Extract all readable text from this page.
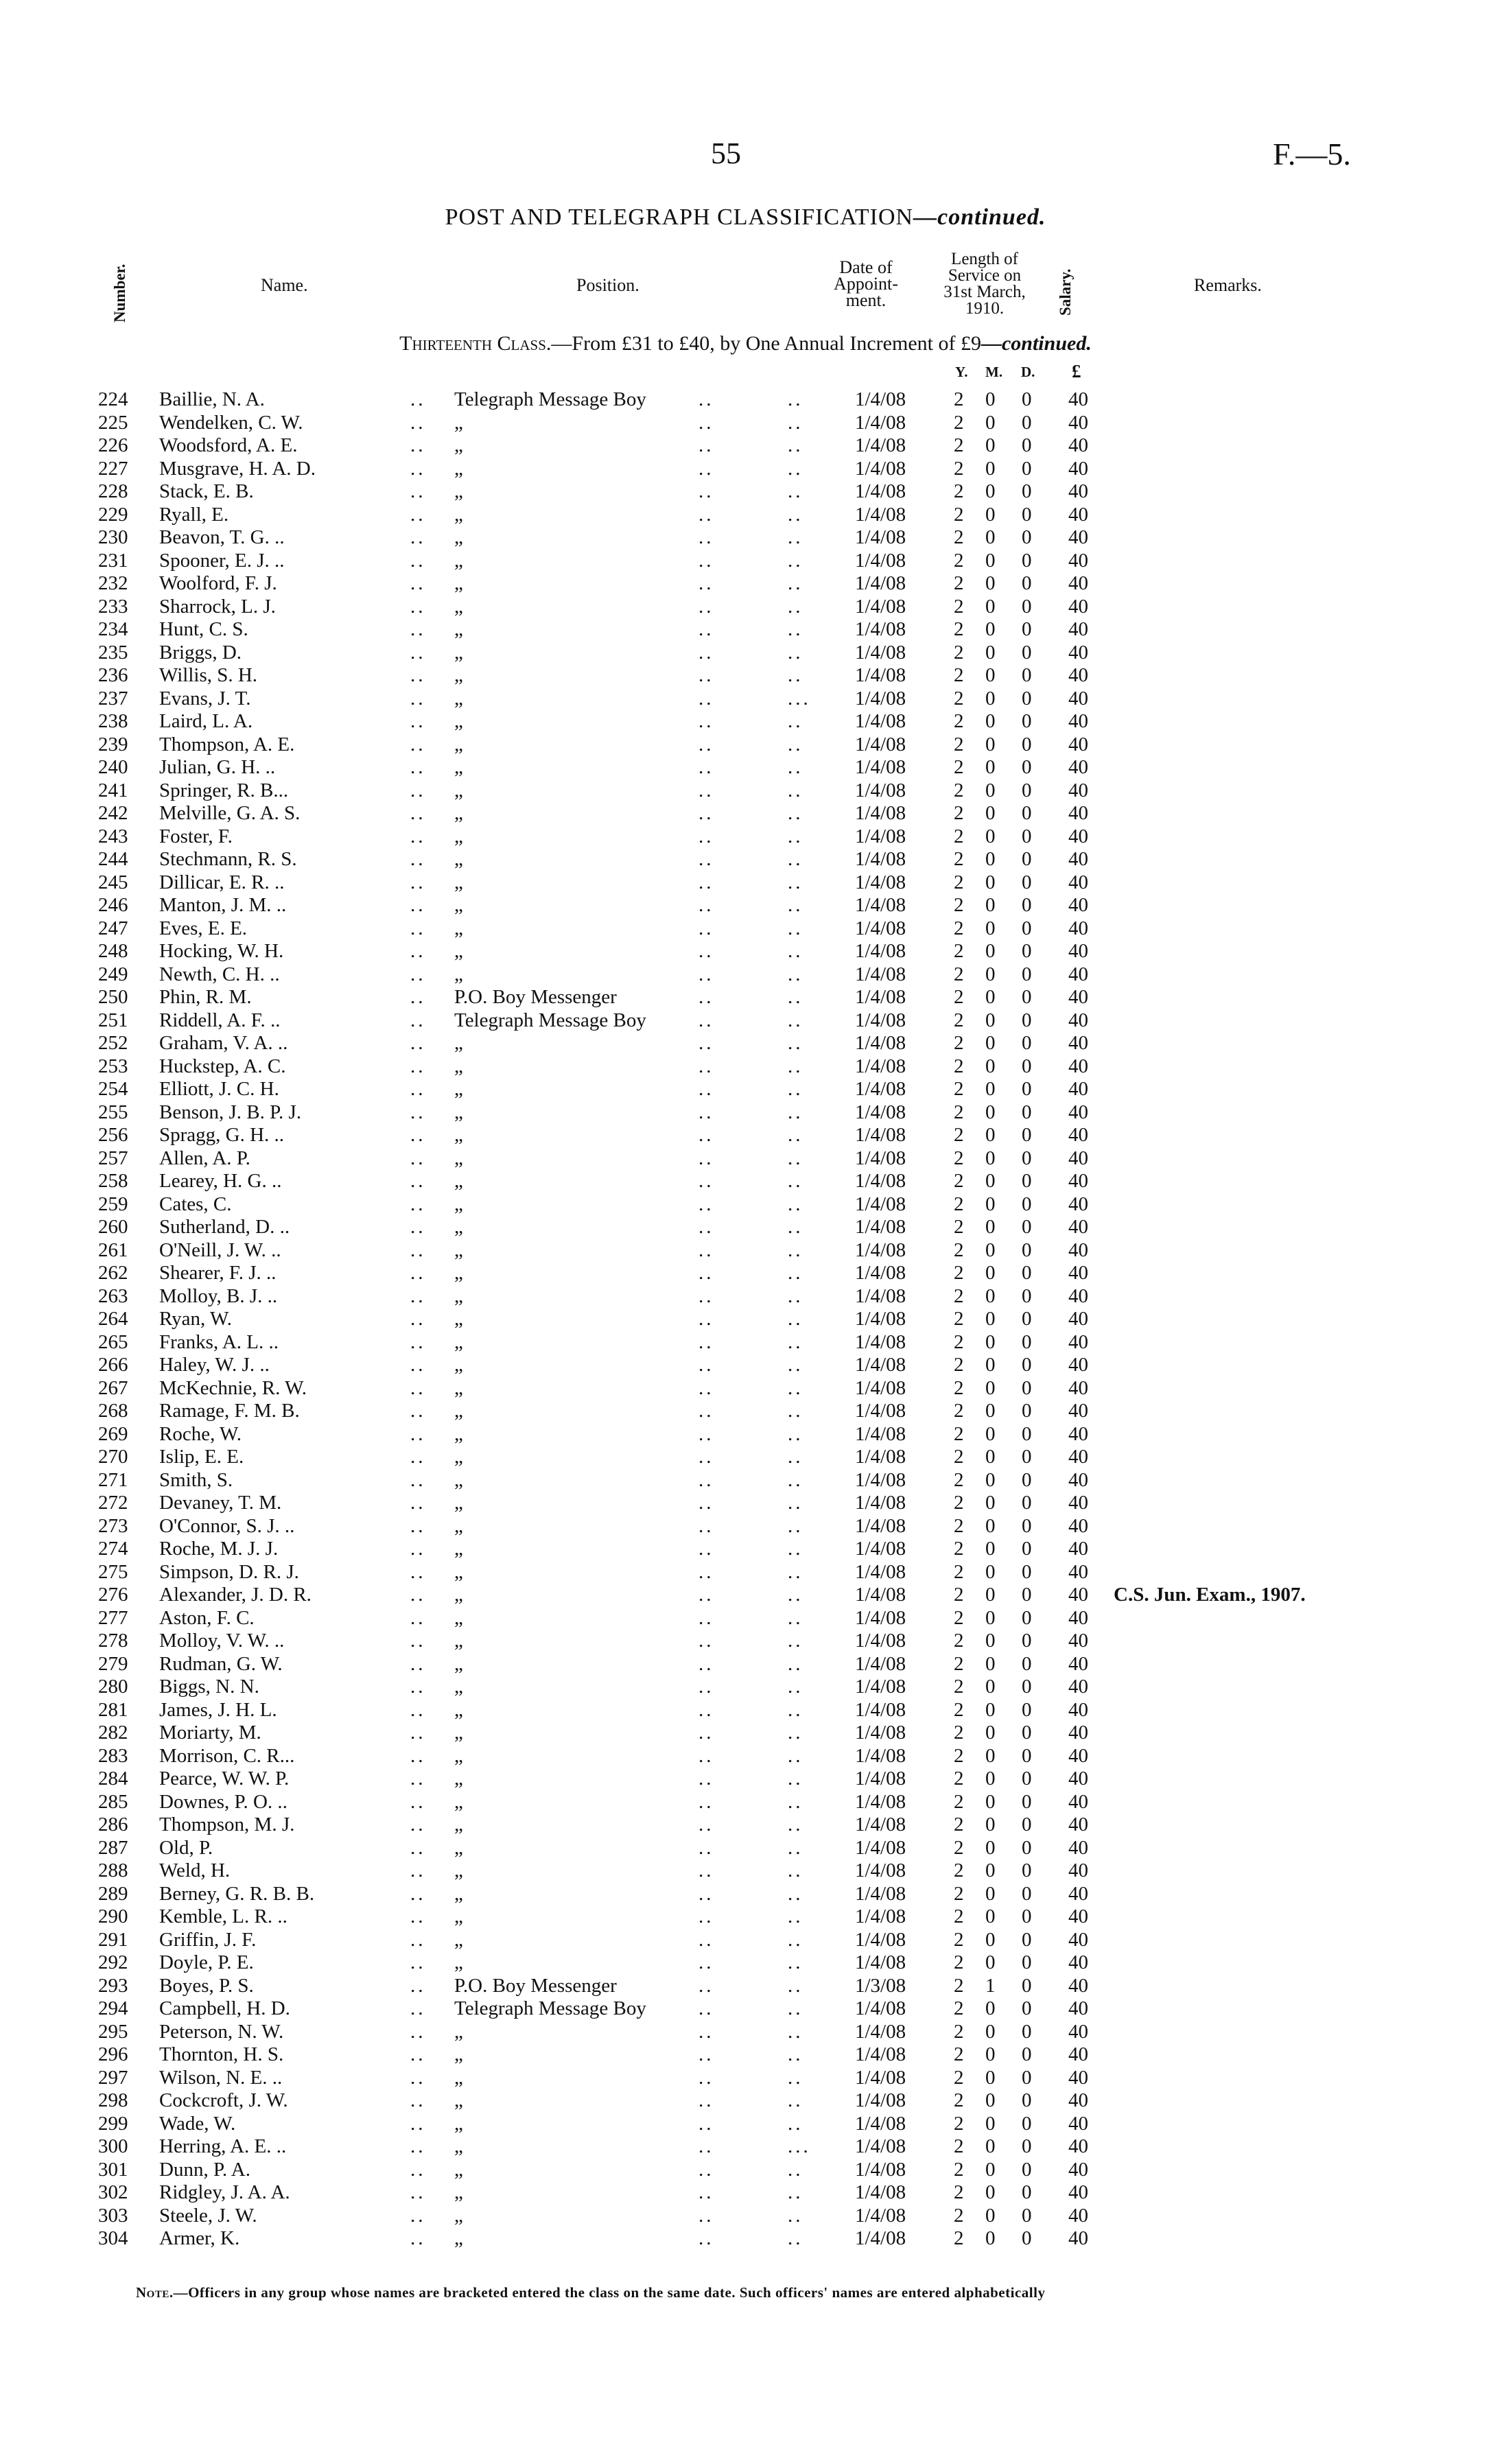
55	F.—5.
POST AND TELEGRAPH CLASSIFICATION—continued.
Number.	Name.	Position.
Date of
Appoint-
ment.
Length of
Service on
31st March,
1910.	Salary.	Remarks.
Thirteenth Class.—From £31 to £40, by One Annual Increment of £9—continued.
Y. M. D. £
224 Baillie, N. A.	.. Telegraph Message Boy	..	..	1/4/08 2 0 0 40
225 Wendelken, C. W.	.. „	..	..	1/4/08 2 0 0 40
226 Woodsford, A. E.	.. „	..	..	1/4/08 2 0 0 40
227 Musgrave, H. A. D.	.. „	..	..	1/4/08 2 0 0 40
228 Stack, E. B.	.. „	..	..	1/4/08 2 0 0 40
229 Ryall, E.	.. „	..	..	1/4/08 2 0 0 40
230 Beavon, T. G. ..	.. „	..	..	1/4/08 2 0 0 40
231 Spooner, E. J. ..	.. „	..	..	1/4/08 2 0 0 40
232 Woolford, F. J.	.. „	..	..	1/4/08 2 0 0 40
233 Sharrock, L. J.	.. „	..	..	1/4/08 2 0 0 40
234 Hunt, C. S.	.. „	..	..	1/4/08 2 0 0 40
235 Briggs, D.	.. „	..	..	1/4/08 2 0 0 40
236 Willis, S. H.	.. „	..	..	1/4/08 2 0 0 40
237 Evans, J. T.	.. „	..	... 1/4/08 2 0 0 40
238 Laird, L. A.	.. „	..	..	1/4/08 2 0 0 40
239 Thompson, A. E.	.. „	..	..	1/4/08 2 0 0 40
240 Julian, G. H. ..	.. „	..	..	1/4/08 2 0 0 40
241 Springer, R. B...	.. „	..	..	1/4/08 2 0 0 40
242 Melville, G. A. S.	.. „	..	..	1/4/08 2 0 0 40
243 Foster, F.	.. „	..	..	1/4/08 2 0 0 40
244 Stechmann, R. S.	.. „	..	..	1/4/08 2 0 0 40
245 Dillicar, E. R. ..	.. „	..	..	1/4/08 2 0 0 40
246 Manton, J. M. ..	.. „	..	..	1/4/08 2 0 0 40
247 Eves, E. E.	.. „	..	..	1/4/08 2 0 0 40
248 Hocking, W. H.	.. „	..	..	1/4/08 2 0 0 40
249 Newth, C. H. ..	.. „	..	..	1/4/08 2 0 0 40
250 Phin, R. M.	.. P.O. Boy Messenger	..	..	1/4/08 2 0 0 40
251 Riddell, A. F. ..	.. Telegraph Message Boy	..	..	1/4/08 2 0 0 40
252 Graham, V. A. ..	.. „	..	..	1/4/08 2 0 0 40
253 Huckstep, A. C.	.. „	..	..	1/4/08 2 0 0 40
254 Elliott, J. C. H.	.. „	..	..	1/4/08 2 0 0 40
255 Benson, J. B. P. J.	.. „	..	..	1/4/08 2 0 0 40
256 Spragg, G. H. ..	.. „	..	..	1/4/08 2 0 0 40
257 Allen, A. P.	.. „	..	..	1/4/08 2 0 0 40
258 Learey, H. G. ..	.. „	..	..	1/4/08 2 0 0 40
259 Cates, C.	.. „	..	..	1/4/08 2 0 0 40
260 Sutherland, D. ..	.. „	..	..	1/4/08 2 0 0 40
261 O'Neill, J. W. ..	.. „	..	..	1/4/08 2 0 0 40
262 Shearer, F. J. ..	.. „	..	..	1/4/08 2 0 0 40
263 Molloy, B. J. ..	.. „	..	..	1/4/08 2 0 0 40
264 Ryan, W.	.. „	..	..	1/4/08 2 0 0 40
265 Franks, A. L. ..	.. „	..	..	1/4/08 2 0 0 40
266 Haley, W. J. ..	.. „	..	..	1/4/08 2 0 0 40
267 McKechnie, R. W.	.. „	..	..	1/4/08 2 0 0 40
268 Ramage, F. M. B.	.. „	..	..	1/4/08 2 0 0 40
269 Roche, W.	.. „	..	..	1/4/08 2 0 0 40
270 Islip, E. E.	.. „	..	..	1/4/08 2 0 0 40
271 Smith, S.	.. „	..	..	1/4/08 2 0 0 40
272 Devaney, T. M.	.. „	..	..	1/4/08 2 0 0 40
273 O'Connor, S. J. ..	.. „	..	..	1/4/08 2 0 0 40
274 Roche, M. J. J.	.. „	..	..	1/4/08 2 0 0 40
275 Simpson, D. R. J.	.. „	..	..	1/4/08 2 0 0 40
276 Alexander, J. D. R.	.. „	..	..	1/4/08 2 0 0 40 C.S. Jun. Exam., 1907.
277 Aston, F. C.	.. „	..	..	1/4/08 2 0 0 40
278 Molloy, V. W. ..	.. „	..	..	1/4/08 2 0 0 40
279 Rudman, G. W.	.. „	..	..	1/4/08 2 0 0 40
280 Biggs, N. N.	.. „	..	..	1/4/08 2 0 0 40
281 James, J. H. L.	.. „	..	..	1/4/08 2 0 0 40
282 Moriarty, M.	.. „	..	..	1/4/08 2 0 0 40
283 Morrison, C. R...	.. „	..	..	1/4/08 2 0 0 40
284 Pearce, W. W. P.	.. „	..	..	1/4/08 2 0 0 40
285 Downes, P. O. ..	.. „	..	..	1/4/08 2 0 0 40
286 Thompson, M. J.	.. „	..	..	1/4/08 2 0 0 40
287 Old, P.	.. „	..	..	1/4/08 2 0 0 40
288 Weld, H.	.. „	..	..	1/4/08 2 0 0 40
289 Berney, G. R. B. B.	.. „	..	..	1/4/08 2 0 0 40
290 Kemble, L. R. ..	.. „	..	..	1/4/08 2 0 0 40
291 Griffin, J. F.	.. „	..	..	1/4/08 2 0 0 40
292 Doyle, P. E.	.. „	..	..	1/4/08 2 0 0 40
293 Boyes, P. S.	.. P.O. Boy Messenger	..	..	1/3/08 2 1 0 40
294 Campbell, H. D.	.. Telegraph Message Boy	..	..	1/4/08 2 0 0 40
295 Peterson, N. W.	.. „	..	..	1/4/08 2 0 0 40
296 Thornton, H. S.	.. „	..	..	1/4/08 2 0 0 40
297 Wilson, N. E. ..	.. „	..	..	1/4/08 2 0 0 40
298 Cockcroft, J. W.	.. „	..	..	1/4/08 2 0 0 40
299 Wade, W.	.. „	..	..	1/4/08 2 0 0 40
300 Herring, A. E. ..	.. „	..	... 1/4/08 2 0 0 40
301 Dunn, P. A.	.. „	..	..	1/4/08 2 0 0 40
302 Ridgley, J. A. A.	.. „	..	..	1/4/08 2 0 0 40
303 Steele, J. W.	.. „	..	..	1/4/08 2 0 0 40
304 Armer, K.	.. „	..	..	1/4/08 2 0 0 40
Note.—Officers in any group whose names are bracketed entered the class on the same date. Such officers' names are entered alphabetically
